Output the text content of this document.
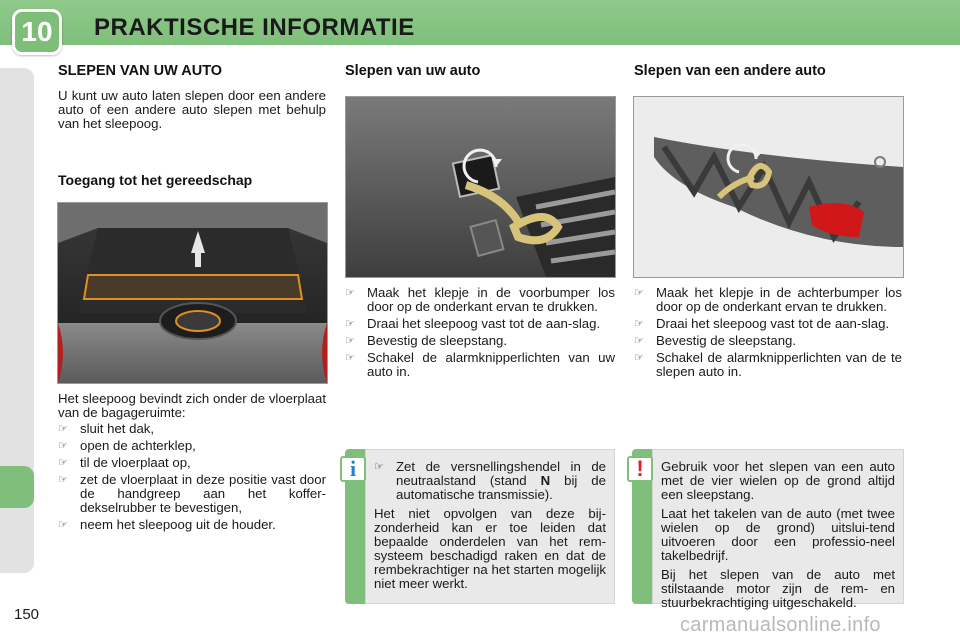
10	PRAKTISCHE INFORMATIE
SLEPEN VAN UW AUTO
U kunt uw auto laten slepen door een andere auto of een andere auto slepen met behulp van het sleepoog.
Toegang tot het gereedschap
Het sleepoog bevindt zich onder de vloerplaat van de bagageruimte:
☞ sluit het dak,
☞ open de achterklep,
☞ til de vloerplaat op,
☞ zet de vloerplaat in deze positie vast door de handgreep aan het koffer-dekselrubber te bevestigen,
☞ neem het sleepoog uit de houder.
Slepen van uw auto
☞ Maak het klepje in de voorbumper los door op de onderkant ervan te drukken.
☞ Draai het sleepoog vast tot de aan-slag.
☞ Bevestig de sleepstang.
☞ Schakel de alarmknipperlichten van uw auto in.

☞ Zet de versnellingshendel in de neutraalstand (stand N bij de automatische transmissie).

Het niet opvolgen van deze bij-zonderheid kan er toe leiden dat bepaalde onderdelen van het rem-systeem beschadigd raken en dat de rembekrachtiger na het starten mogelijk niet meer werkt.

i
Slepen van een andere auto
☞ Maak het klepje in de achterbumper los door op de onderkant ervan te drukken.
☞ Draai het sleepoog vast tot de aan-slag.
☞ Bevestig de sleepstang.
☞ Schakel de alarmknipperlichten van de te slepen auto in.

Gebruik voor het slepen van een auto met de vier wielen op de grond altijd een sleepstang.

Laat het takelen van de auto (met twee wielen op de grond) uitslui-tend uitvoeren door een professio-neel takelbedrijf.

Bij het slepen van de auto met stilstaande motor zijn de rem- en stuurbekrachtiging uitgeschakeld.

!
150	carmanualsonline.info
